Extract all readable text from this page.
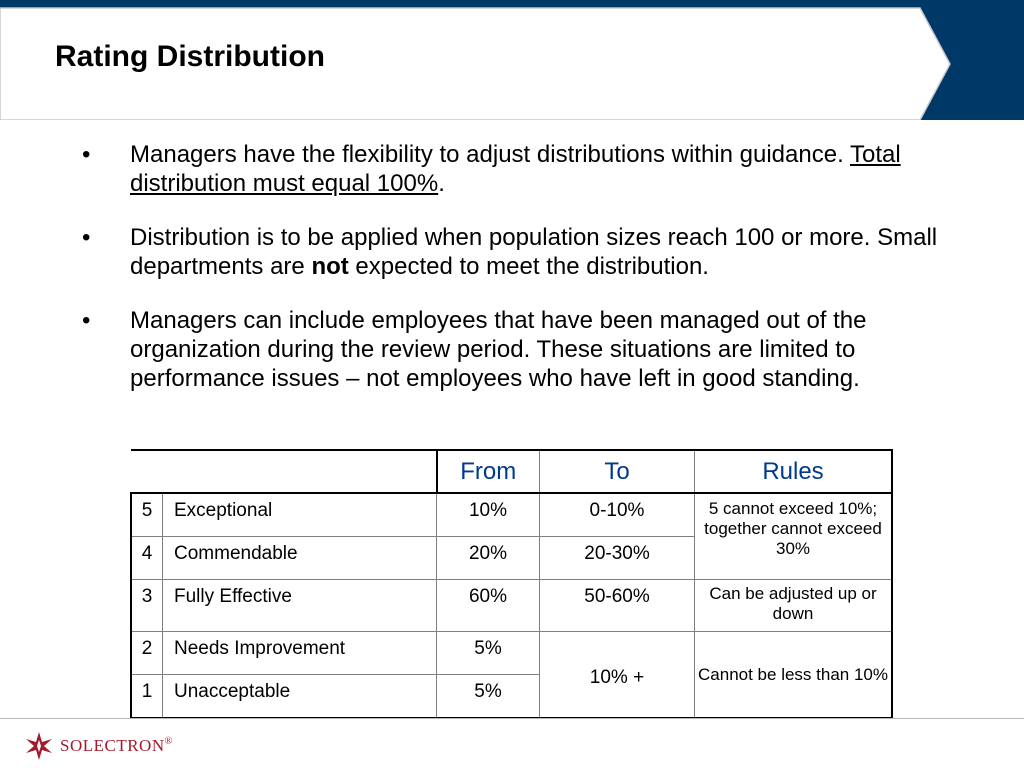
Rating Distribution
• Managers have the flexibility to adjust distributions within guidance. Total distribution must equal 100%.
• Distribution is to be applied when population sizes reach 100 or more. Small departments are not expected to meet the distribution.
• Managers can include employees that have been managed out of the organization during the review period. These situations are limited to performance issues – not employees who have left in good standing.
		From	To	Rules
5	Exceptional	10%	0-10%	5 cannot exceed 10%; together cannot exceed 30%
4	Commendable	20%	20-30%	
3	Fully Effective	60%	50-60%	Can be adjusted up or down
2	Needs Improvement	5%	10% +	Cannot be less than 10%
1	Unacceptable	5%		
SOLECTRON®
